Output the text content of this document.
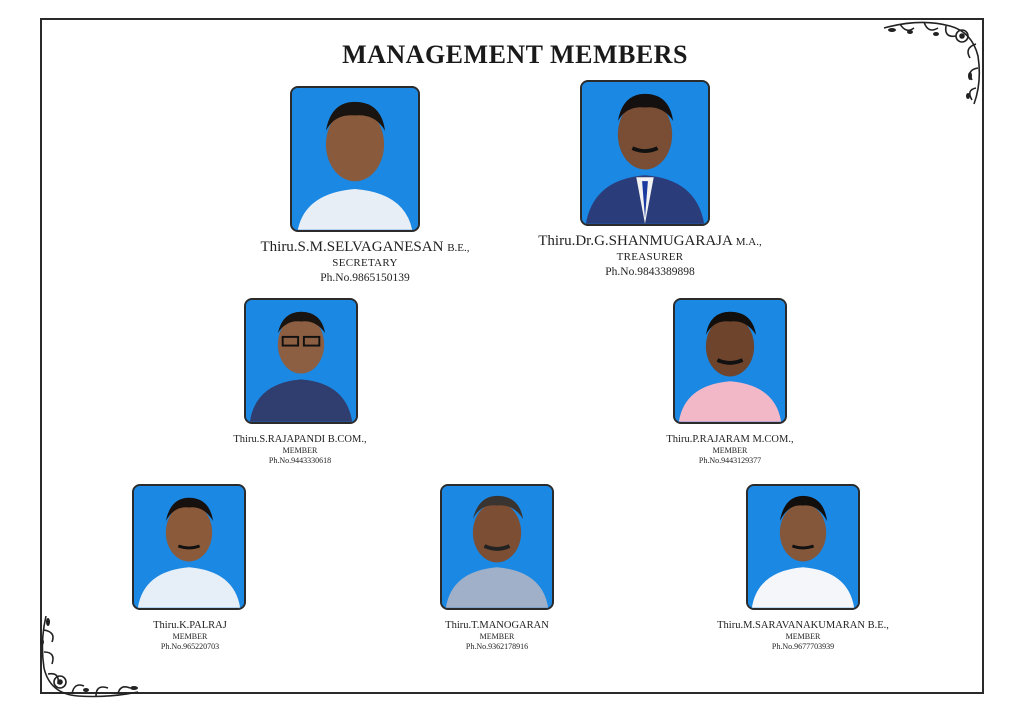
MANAGEMENT MEMBERS
Thiru.S.M.SELVAGANESAN B.E.,
SECRETARY
Ph.No.9865150139
Thiru.Dr.G.SHANMUGARAJA M.A.,
TREASURER
Ph.No.9843389898
Thiru.S.RAJAPANDI B.COM.,
MEMBER
Ph.No.9443330618
Thiru.P.RAJARAM M.COM.,
MEMBER
Ph.No.9443129377
Thiru.K.PALRAJ
MEMBER
Ph.No.965220703
Thiru.T.MANOGARAN
MEMBER
Ph.No.9362178916
Thiru.M.SARAVANAKUMARAN B.E.,
MEMBER
Ph.No.9677703939
